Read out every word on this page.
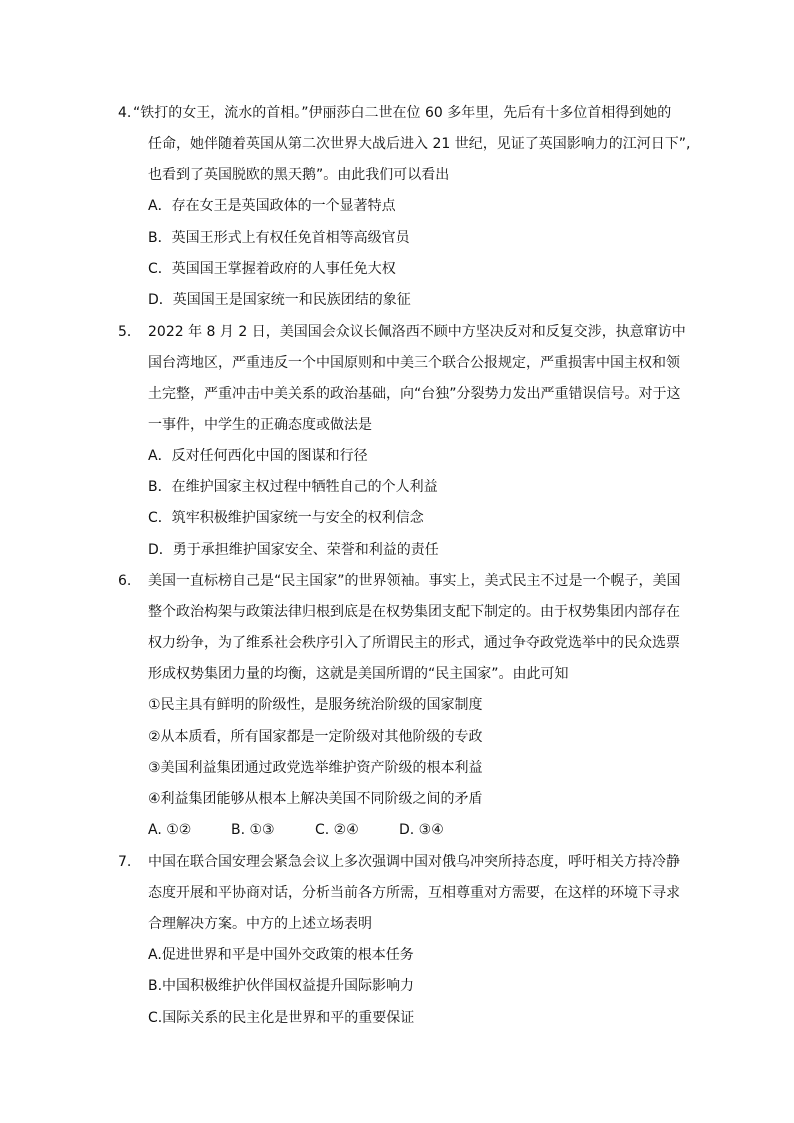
4. “铁打的女王，流水的首相。”伊丽莎白二世在位 60 多年里，先后有十多位首相得到她的
任命，她伴随着英国从第二次世界大战后进入 21 世纪，见证了英国影响力的江河日下”,
也看到了英国脱欧的黑天鹅”。由此我们可以看出
A．存在女王是英国政体的一个显著特点
B．英国王形式上有权任免首相等高级官员
C．英国国王掌握着政府的人事任免大权
D．英国国王是国家统一和民族团结的象征
5． 2022 年 8 月 2 日，美国国会众议长佩洛西不顾中方坚决反对和反复交涉，执意窜访中
国台湾地区，严重违反一个中国原则和中美三个联合公报规定，严重损害中国主权和领
土完整，严重冲击中美关系的政治基础，向“台独”分裂势力发出严重错误信号。对于这
一事件，中学生的正确态度或做法是
A．反对任何西化中国的图谋和行径
B．在维护国家主权过程中牺牲自己的个人利益
C．筑牢积极维护国家统一与安全的权利信念
D．勇于承担维护国家安全、荣誉和利益的责任
6. 美国一直标榜自己是“民主国家”的世界领袖。事实上，美式民主不过是一个幌子，美国
整个政治构架与政策法律归根到底是在权势集团支配下制定的。由于权势集团内部存在
权力纷争，为了维系社会秩序引入了所谓民主的形式，通过争夺政党选举中的民众选票
形成权势集团力量的均衡，这就是美国所谓的“民主国家”。由此可知
①民主具有鲜明的阶级性，是服务统治阶级的国家制度
②从本质看，所有国家都是一定阶级对其他阶级的专政
③美国利益集团通过政党选举维护资产阶级的根本利益
④利益集团能够从根本上解决美国不同阶级之间的矛盾
A. ①②	B. ①③	C. ②④	D. ③④
7. 中国在联合国安理会紧急会议上多次强调中国对俄乌冲突所持态度，呼吁相关方持冷静
态度开展和平协商对话，分析当前各方所需，互相尊重对方需要，在这样的环境下寻求
合理解决方案。中方的上述立场表明
A.促进世界和平是中国外交政策的根本任务
B.中国积极维护伙伴国权益提升国际影响力
C.国际关系的民主化是世界和平的重要保证
